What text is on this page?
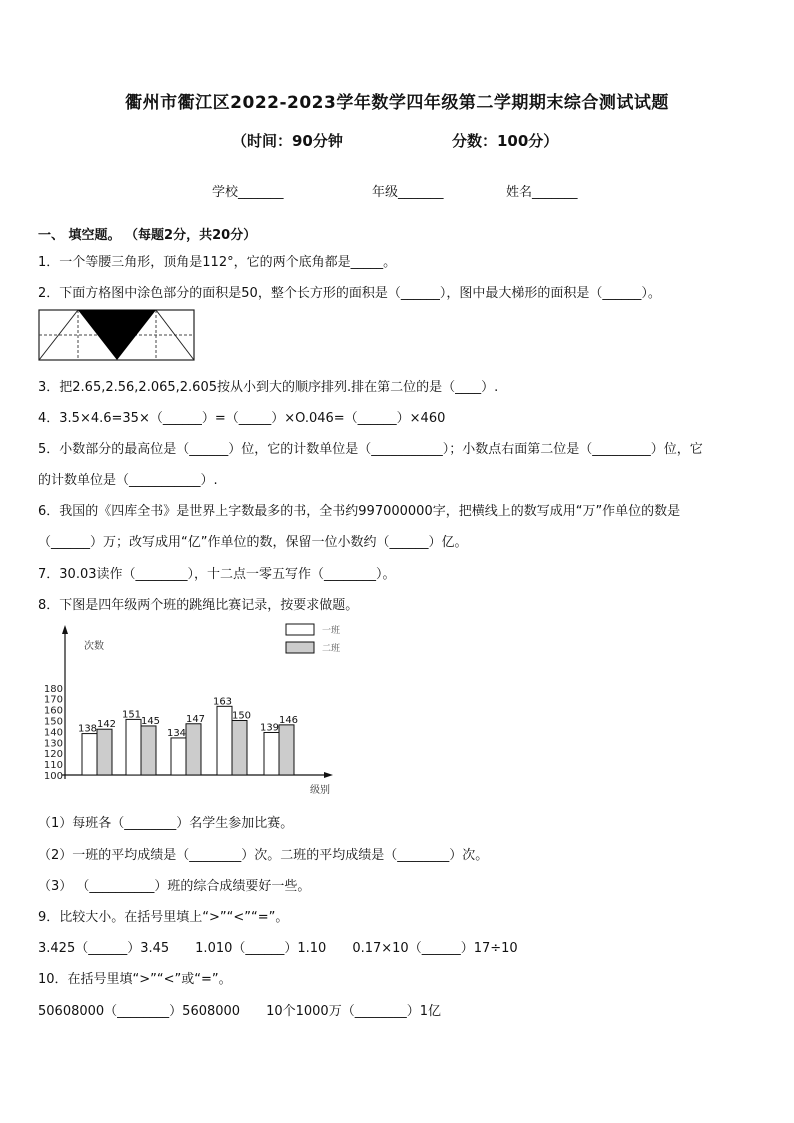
衢州市衢江区2022-2023学年数学四年级第二学期期末综合测试试题
（时间：90分钟	分数：100分）
学校_______	年级_______	姓名_______
一、 填空题。 （每题2分，共20分）
1．一个等腰三角形，顶角是112°，它的两个底角都是_____。
2．下面方格图中涂色部分的面积是50，整个长方形的面积是（______），图中最大梯形的面积是（______）。
3．把2.65,2.56,2.065,2.605按从小到大的顺序排列.排在第二位的是（____）.
4．3.5×4.6=35×（______）=（_____）×O.046=（______）×460
5．小数部分的最高位是（______）位，它的计数单位是（___________）；小数点右面第二位是（_________）位，它
的计数单位是（___________）.
6．我国的《四库全书》是世界上字数最多的书，全书约997000000字，把横线上的数写成用“万”作单位的数是
（______）万；改写成用“亿”作单位的数，保留一位小数约（______）亿。
7．30.03读作（________），十二点一零五写作（________）。
8．下图是四年级两个班的跳绳比赛记录，按要求做题。
次数
级别
100
110
120
130
140
150
160
170
180
一班
二班
138 142
151
145
134
147
163
150
139
146
（1）每班各（________）名学生参加比赛。
（2）一班的平均成绩是（________）次。二班的平均成绩是（________）次。
（3） （__________）班的综合成绩要好一些。
9．比较大小。在括号里填上“>”“<”“=”。
3.425（______）3.45　　1.010（______）1.10　　0.17×10（______）17÷10
10．在括号里填“>”“<”或“=”。
50608000（________）5608000　　10个1000万（________）1亿
